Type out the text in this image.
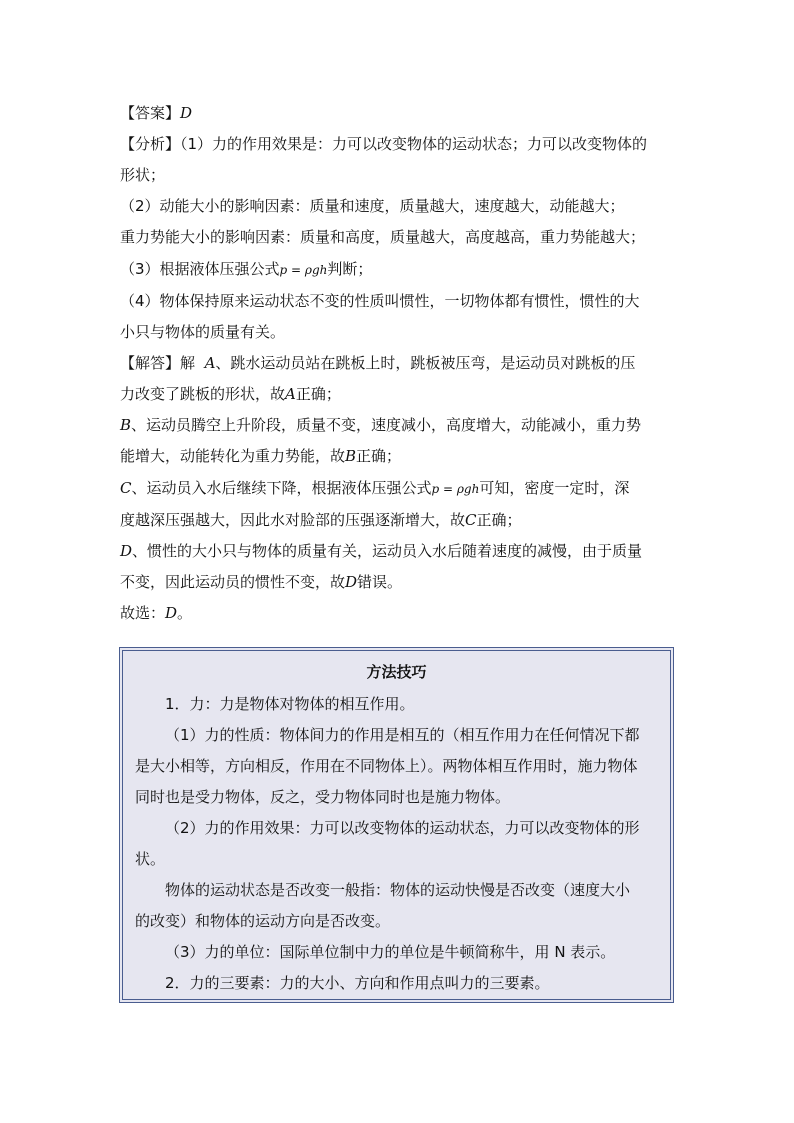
【答案】D
【分析】（1）力的作用效果是：力可以改变物体的运动状态；力可以改变物体的
形状；
（2）动能大小的影响因素：质量和速度，质量越大，速度越大，动能越大；
重力势能大小的影响因素：质量和高度，质量越大，高度越高，重力势能越大；
（3）根据液体压强公式p = ρgh判断；
（4）物体保持原来运动状态不变的性质叫惯性，一切物体都有惯性，惯性的大
小只与物体的质量有关。
【解答】解 A、跳水运动员站在跳板上时，跳板被压弯，是运动员对跳板的压
力改变了跳板的形状，故A正确；
B、运动员腾空上升阶段，质量不变，速度减小，高度增大，动能减小，重力势
能增大，动能转化为重力势能，故B正确；
C、运动员入水后继续下降，根据液体压强公式p = ρgh可知，密度一定时，深
度越深压强越大，因此水对脸部的压强逐渐增大，故C正确；
D、惯性的大小只与物体的质量有关，运动员入水后随着速度的减慢，由于质量
不变，因此运动员的惯性不变，故D错误。
故选：D。
方法技巧
1．力：力是物体对物体的相互作用。
（1）力的性质：物体间力的作用是相互的（相互作用力在任何情况下都
是大小相等，方向相反，作用在不同物体上）。两物体相互作用时，施力物体
同时也是受力物体，反之，受力物体同时也是施力物体。
（2）力的作用效果：力可以改变物体的运动状态，力可以改变物体的形
状。
物体的运动状态是否改变一般指：物体的运动快慢是否改变（速度大小
的改变）和物体的运动方向是否改变。
（3）力的单位：国际单位制中力的单位是牛顿简称牛，用 N 表示。
2．力的三要素：力的大小、方向和作用点叫力的三要素。
